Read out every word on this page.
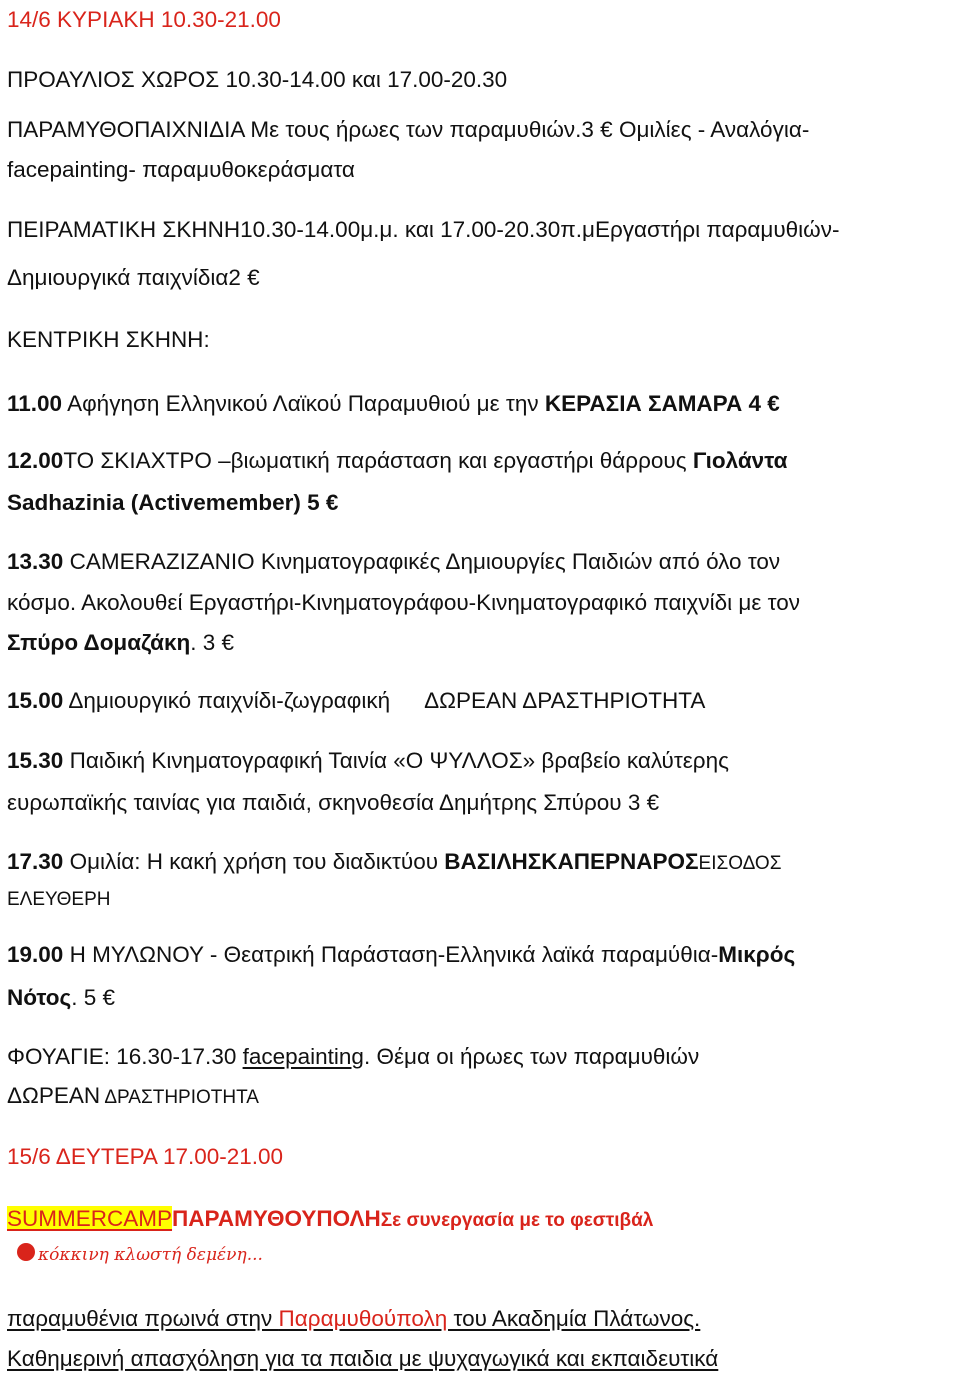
14/6 ΚΥΡΙΑΚΗ 10.30-21.00

ΠΡΟΑΥΛΙΟΣ ΧΩΡΟΣ 10.30-14.00 και 17.00-20.30

ΠΑΡΑΜΥΘΟΠΑΙΧΝΙΔΙΑ Με τους ήρωες των παραμυθιών.3 € Ομιλίες - Αναλόγια-

facepainting- παραμυθοκεράσματα

ΠΕΙΡΑΜΑΤΙΚΗ ΣΚΗΝΗ10.30-14.00μ.μ. και 17.00-20.30π.μΕργαστήρι παραμυθιών-

Δημιουργικά παιχνίδια2 €

ΚΕΝΤΡΙΚΗ ΣΚΗΝΗ:

11.00 Αφήγηση Ελληνικού Λαϊκού Παραμυθιού με την ΚΕΡΑΣΙΑ ΣΑΜΑΡΑ 4 €

12.00ΤΟ ΣΚΙΑΧΤΡΟ –βιωματική παράσταση και εργαστήρι θάρρους Γιολάντα

Sadhazinia (Activemember) 5 €

13.30 CAMERAZIZANIO Κινηματογραφικές Δημιουργίες Παιδιών από όλο τον

κόσμο. Ακολουθεί Εργαστήρι-Κινηματογράφου-Κινηματογραφικό παιχνίδι με τον

Σπύρο Δομαζάκη. 3 €

15.00 Δημιουργικό παιχνίδι-ζωγραφική ΔΩΡΕΑΝ ΔΡΑΣΤΗΡΙΟΤΗΤΑ

15.30 Παιδική Κινηματογραφική Ταινία «Ο ΨΥΛΛΟΣ» βραβείο καλύτερης

ευρωπαϊκής ταινίας για παιδιά, σκηνοθεσία Δημήτρης Σπύρου 3 €

17.30 Ομιλία: Η κακή χρήση του διαδικτύου ΒΑΣΙΛΗΣΚΑΠΕΡΝΑΡΟΣΕΙΣΟΔΟΣ

ΕΛΕΥΘΕΡΗ

19.00 Η ΜΥΛΩΝΟΥ - Θεατρική Παράσταση-Ελληνικά λαϊκά παραμύθια-Μικρός

Νότος. 5 €

ΦΟΥΑΓΙΕ: 16.30-17.30 facepainting. Θέμα οι ήρωες των παραμυθιών

ΔΩΡΕΑΝ ΔΡΑΣΤΗΡΙΟΤΗΤΑ

15/6 ΔΕΥΤΕΡΑ 17.00-21.00

SUMMERCAMPΠΑΡΑΜΥΘΟΥΠΟΛΗΣε συνεργασία με το φεστιβάλ

κόκκινη κλωστή δεμένη...

παραμυθένια πρωινά στην Παραμυθούπολη του Ακαδημία Πλάτωνος.

Καθημερινή απασχόληση για τα παιδια με ψυχαγωγικά και εκπαιδευτικά
